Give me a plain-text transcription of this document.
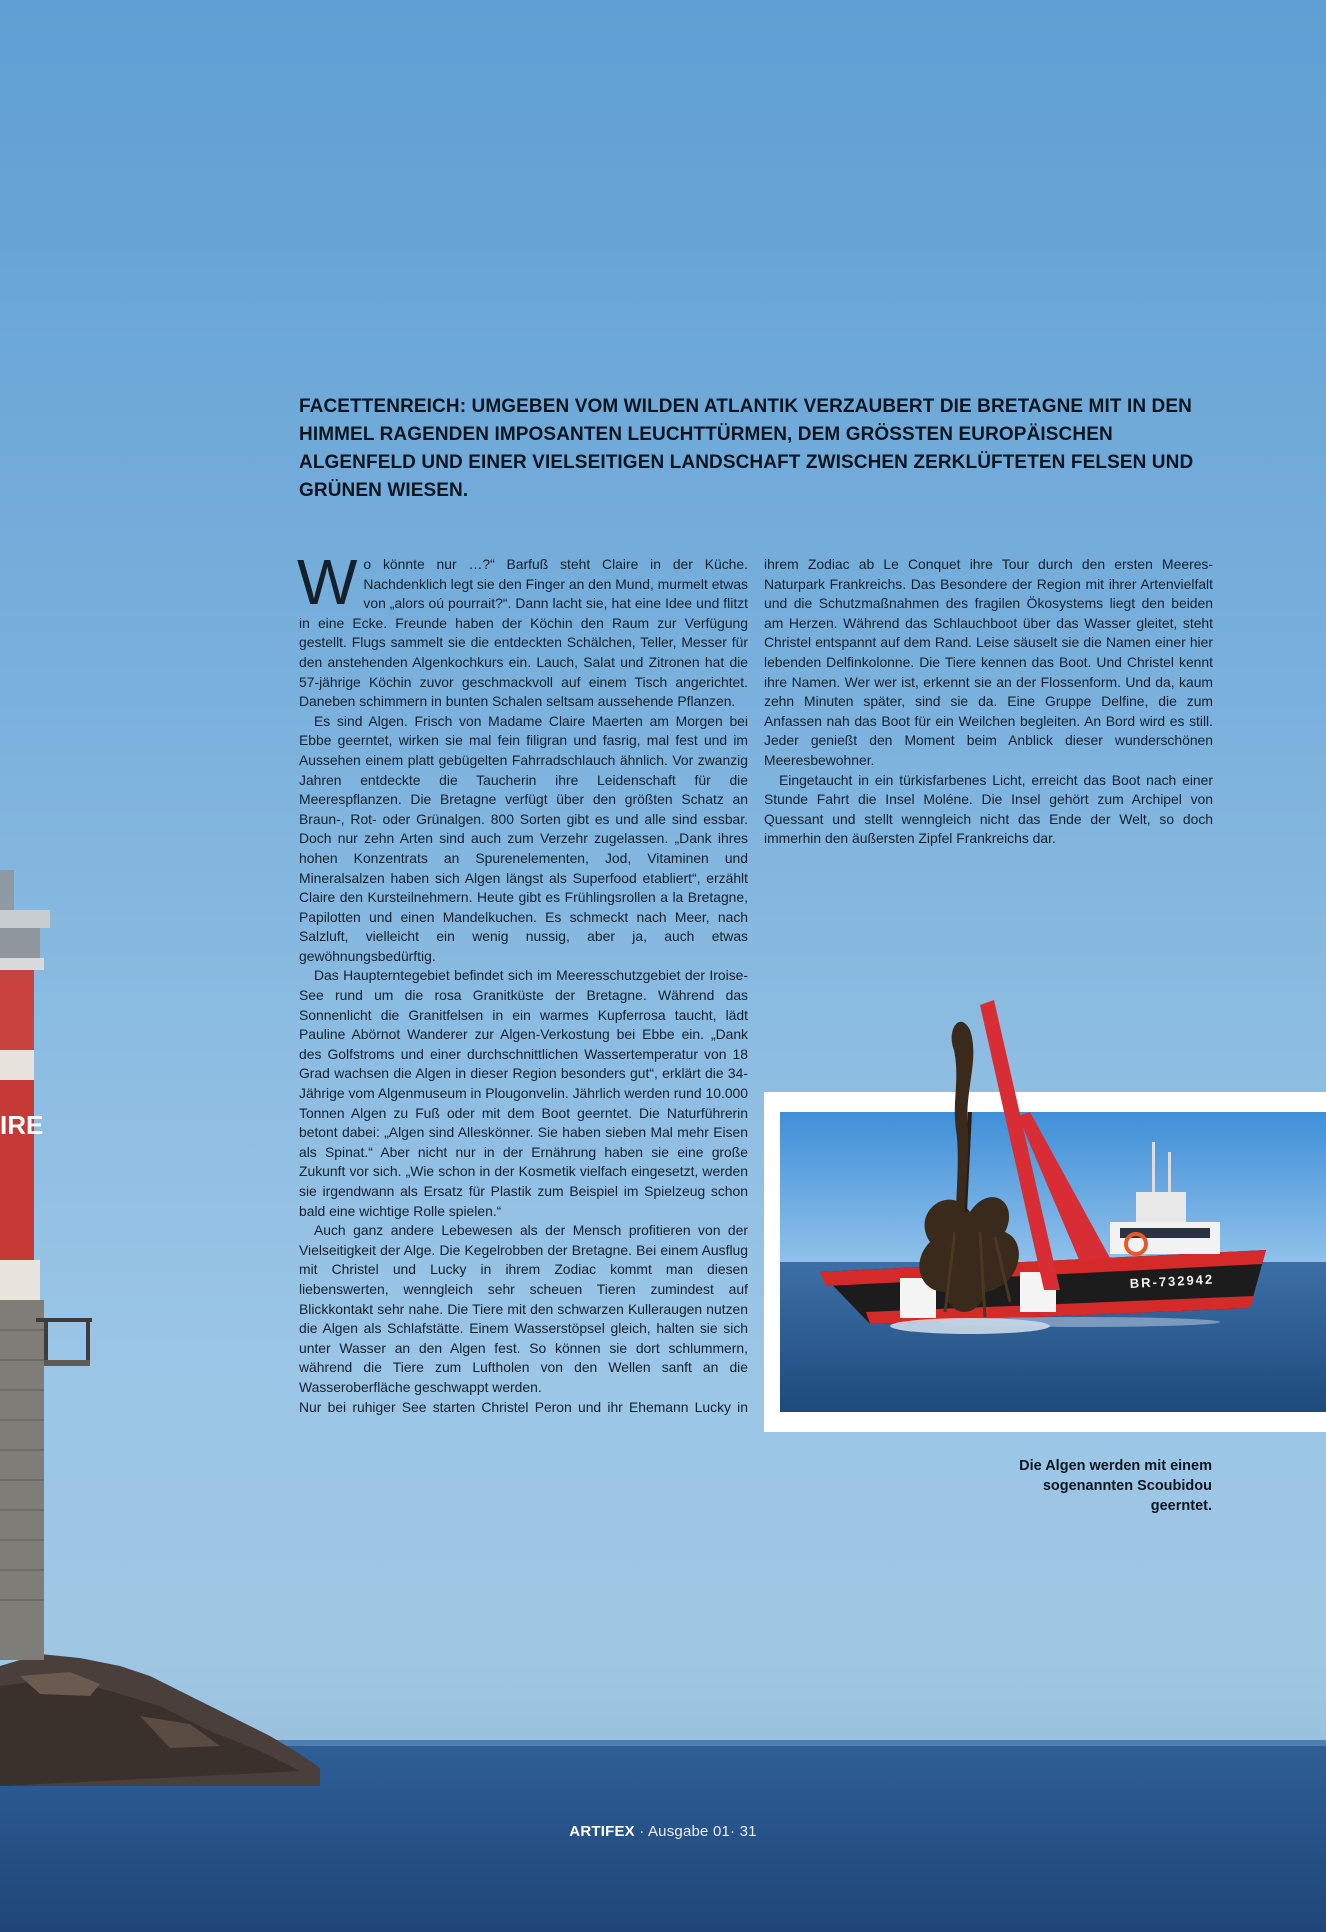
IRE

FACETTENREICH: UMGEBEN VOM WILDEN ATLANTIK VERZAUBERT DIE BRETAGNE MIT IN DEN HIMMEL RAGENDEN IMPOSANTEN LEUCHTTÜRMEN, DEM GRÖSSTEN EUROPÄISCHEN ALGENFELD UND EINER VIELSEITIGEN LANDSCHAFT ZWISCHEN ZERKLÜFTETEN FELSEN UND GRÜNEN WIESEN.

Wo könnte nur …?“ Barfuß steht Claire in der Küche. Nachdenklich legt sie den Finger an den Mund, murmelt etwas von „alors oú pourrait?“. Dann lacht sie, hat eine Idee und flitzt in eine Ecke. Freunde haben der Köchin den Raum zur Verfügung gestellt. Flugs sammelt sie die entdeckten Schälchen, Teller, Messer für den anstehenden Algenkochkurs ein. Lauch, Salat und Zitronen hat die 57-jährige Köchin zuvor geschmackvoll auf einem Tisch angerichtet. Daneben schimmern in bunten Schalen seltsam aussehende Pflanzen.

Es sind Algen. Frisch von Madame Claire Maerten am Morgen bei Ebbe geerntet, wirken sie mal fein filigran und fasrig, mal fest und im Aussehen einem platt gebügelten Fahrradschlauch ähnlich. Vor zwanzig Jahren entdeckte die Taucherin ihre Leidenschaft für die Meerespflanzen. Die Bretagne verfügt über den größten Schatz an Braun-, Rot- oder Grünalgen. 800 Sorten gibt es und alle sind essbar. Doch nur zehn Arten sind auch zum Verzehr zugelassen. „Dank ihres hohen Konzentrats an Spurenelementen, Jod, Vitaminen und Mineralsalzen haben sich Algen längst als Superfood etabliert“, erzählt Claire den Kursteilnehmern. Heute gibt es Frühlingsrollen a la Bretagne, Papilotten und einen Mandelkuchen. Es schmeckt nach Meer, nach Salzluft, vielleicht ein wenig nussig, aber ja, auch etwas gewöhnungsbedürftig.

Das Haupterntegebiet befindet sich im Meeresschutzgebiet der Iroise-See rund um die rosa Granitküste der Bretagne. Während das Sonnenlicht die Granitfelsen in ein warmes Kupferrosa taucht, lädt Pauline Abörnot Wanderer zur Algen-Verkostung bei Ebbe ein. „Dank des Golfstroms und einer durchschnittlichen Wassertemperatur von 18 Grad wachsen die Algen in dieser Region besonders gut“, erklärt die 34-Jährige vom Algenmuseum in Plougonvelin. Jährlich werden rund 10.000 Tonnen Algen zu Fuß oder mit dem Boot geerntet. Die Naturführerin betont dabei: „Algen sind Alleskönner. Sie haben sieben Mal mehr Eisen als Spinat.“ Aber nicht nur in der Ernährung haben sie eine große Zukunft vor sich. „Wie schon in der Kosmetik vielfach eingesetzt, werden sie irgendwann als Ersatz für Plastik zum Beispiel im Spielzeug schon bald eine wichtige Rolle spielen.“

Auch ganz andere Lebewesen als der Mensch profitieren von der Vielseitigkeit der Alge. Die Kegelrobben der Bretagne. Bei einem Ausflug mit Christel und Lucky in ihrem Zodiac kommt man diesen liebenswerten, wenngleich sehr scheuen Tieren zumindest auf Blickkontakt sehr nahe. Die Tiere mit den schwarzen Kulleraugen nutzen die Algen als Schlafstätte. Einem Wasserstöpsel gleich, halten sie sich unter Wasser an den Algen fest. So können sie dort schlummern, während die Tiere zum Luftholen von den Wellen sanft an die Wasseroberfläche geschwappt werden.

Nur bei ruhiger See starten Christel Peron und ihr Ehemann Lucky in

ihrem Zodiac ab Le Conquet ihre Tour durch den ersten Meeres-Naturpark Frankreichs. Das Besondere der Region mit ihrer Artenvielfalt und die Schutzmaßnahmen des fragilen Ökosystems liegt den beiden am Herzen. Während das Schlauchboot über das Wasser gleitet, steht Christel entspannt auf dem Rand. Leise säuselt sie die Namen einer hier lebenden Delfinkolonne. Die Tiere kennen das Boot. Und Christel kennt ihre Namen. Wer wer ist, erkennt sie an der Flossenform. Und da, kaum zehn Minuten später, sind sie da. Eine Gruppe Delfine, die zum Anfassen nah das Boot für ein Weilchen begleiten. An Bord wird es still. Jeder genießt den Moment beim Anblick dieser wunderschönen Meeresbewohner.

Eingetaucht in ein türkisfarbenes Licht, erreicht das Boot nach einer Stunde Fahrt die Insel Moléne. Die Insel gehört zum Archipel von Quessant und stellt wenngleich nicht das Ende der Welt, so doch immerhin den äußersten Zipfel Frankreichs dar.

BR-732942

Die Algen werden mit einem sogenannten Scoubidou geerntet.

ARTIFEX · Ausgabe 01· 31
